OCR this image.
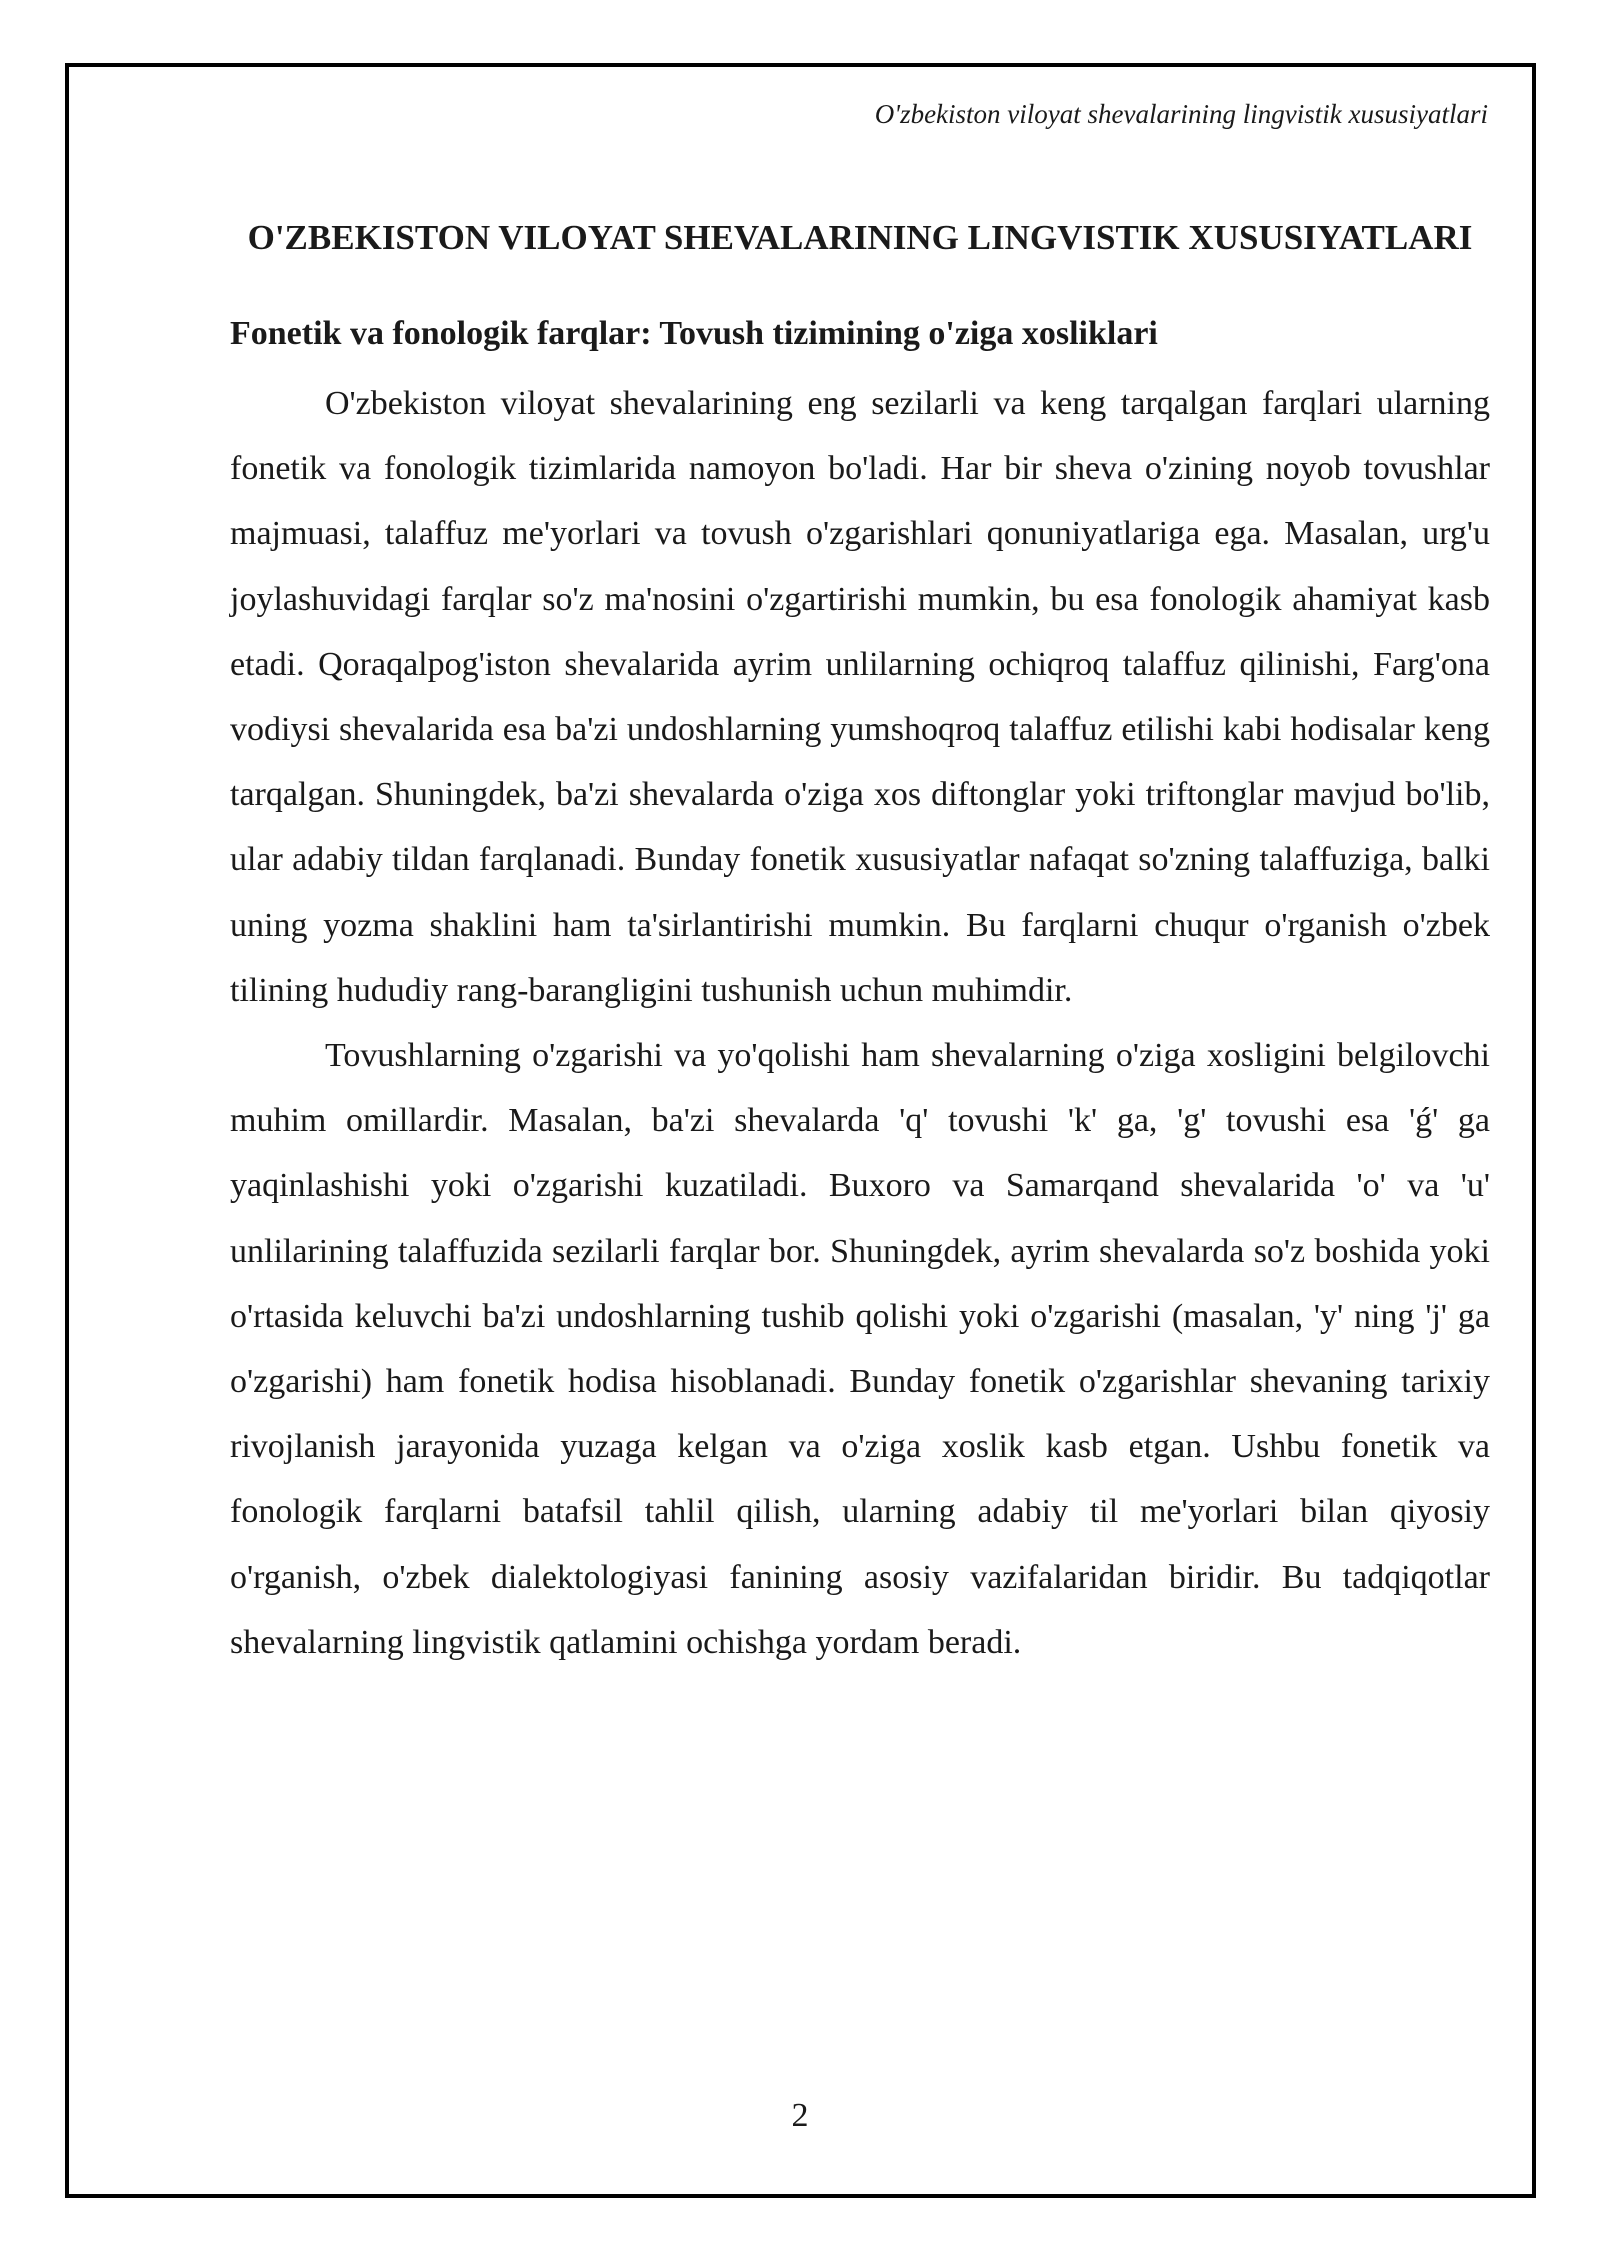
O'zbekiston viloyat shevalarining lingvistik xususiyatlari
O'ZBEKISTON VILOYAT SHEVALARINING LINGVISTIK XUSUSIYATLARI
Fonetik va fonologik farqlar: Tovush tizimining o'ziga xosliklari

O'zbekiston viloyat shevalarining eng sezilarli va keng tarqalgan farqlari ularning fonetik va fonologik tizimlarida namoyon bo'ladi. Har bir sheva o'zining noyob tovushlar majmuasi, talaffuz me'yorlari va tovush o'zgarishlari qonuniyatlariga ega. Masalan, urg'u joylashuvidagi farqlar so'z ma'nosini o'zgartirishi mumkin, bu esa fonologik ahamiyat kasb etadi. Qoraqalpog'iston shevalarida ayrim unlilarning ochiqroq talaffuz qilinishi, Farg'ona vodiysi shevalarida esa ba'zi undoshlarning yumshoqroq talaffuz etilishi kabi hodisalar keng tarqalgan. Shuningdek, ba'zi shevalarda o'ziga xos diftonglar yoki triftonglar mavjud bo'lib, ular adabiy tildan farqlanadi. Bunday fonetik xususiyatlar nafaqat so'zning talaffuziga, balki uning yozma shaklini ham ta'sirlantirishi mumkin. Bu farqlarni chuqur o'rganish o'zbek tilining hududiy rang-barangligini tushunish uchun muhimdir.

Tovushlarning o'zgarishi va yo'qolishi ham shevalarning o'ziga xosligini belgilovchi muhim omillardir. Masalan, ba'zi shevalarda 'q' tovushi 'k' ga, 'g' tovushi esa 'ǵ' ga yaqinlashishi yoki o'zgarishi kuzatiladi. Buxoro va Samarqand shevalarida 'o' va 'u' unlilarining talaffuzida sezilarli farqlar bor. Shuningdek, ayrim shevalarda so'z boshida yoki o'rtasida keluvchi ba'zi undoshlarning tushib qolishi yoki o'zgarishi (masalan, 'y' ning 'j' ga o'zgarishi) ham fonetik hodisa hisoblanadi. Bunday fonetik o'zgarishlar shevaning tarixiy rivojlanish jarayonida yuzaga kelgan va o'ziga xoslik kasb etgan. Ushbu fonetik va fonologik farqlarni batafsil tahlil qilish, ularning adabiy til me'yorlari bilan qiyosiy o'rganish, o'zbek dialektologiyasi fanining asosiy vazifalaridan biridir. Bu tadqiqotlar shevalarning lingvistik qatlamini ochishga yordam beradi.

2
